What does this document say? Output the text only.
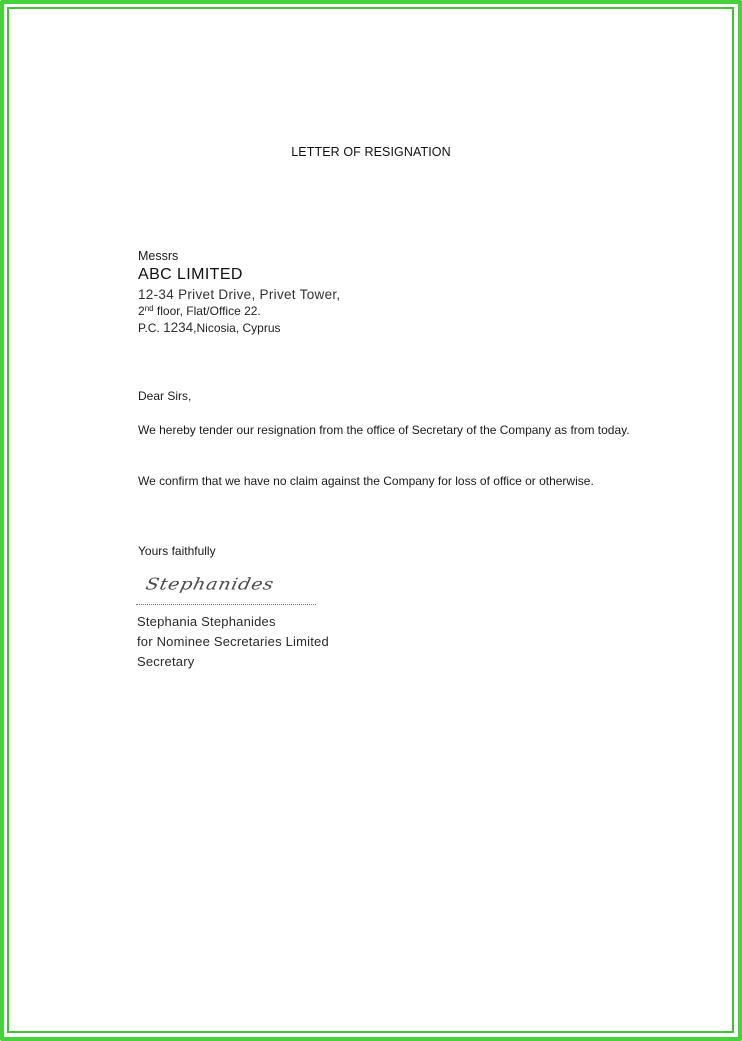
LETTER OF RESIGNATION
Messrs
ABC LIMITED
12-34 Privet Drive, Privet Tower,
2nd floor, Flat/Office 22.
P.C. 1234,Nicosia, Cyprus
Dear Sirs,
We hereby tender our resignation from the office of Secretary of the Company as from today.
We confirm that we have no claim against the Company for loss of office or otherwise.
Yours faithfully
Stephanides
Stephania Stephanides
for Nominee Secretaries Limited
Secretary
